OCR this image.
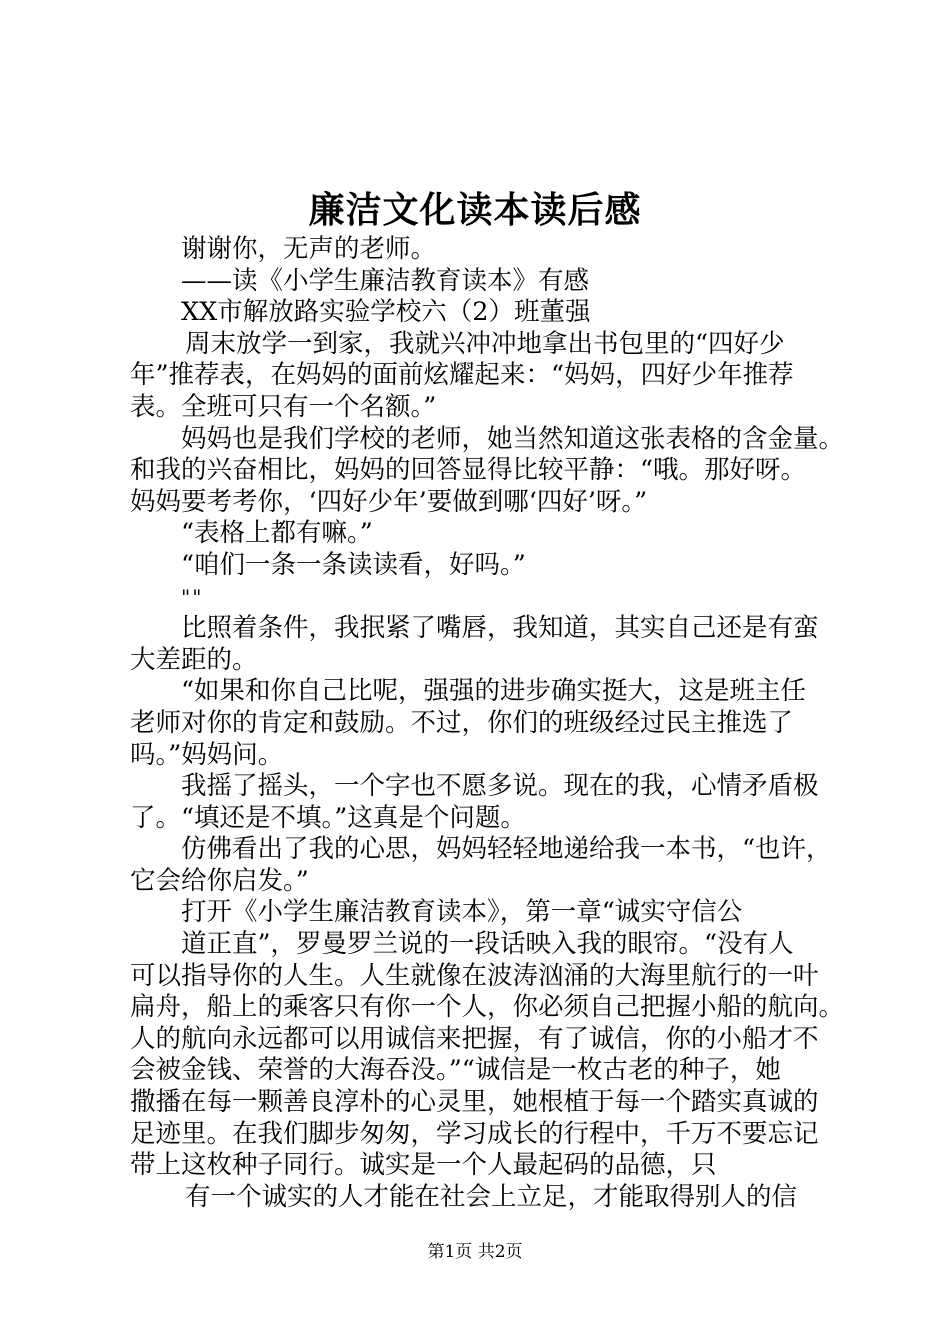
廉洁文化读本读后感
谢谢你，无声的老师。
——读《小学生廉洁教育读本》有感
XX市解放路实验学校六（2）班董强
周末放学一到家，我就兴冲冲地拿出书包里的“四好少
年”推荐表，在妈妈的面前炫耀起来：“妈妈，四好少年推荐
表。全班可只有一个名额。”
妈妈也是我们学校的老师，她当然知道这张表格的含金量。
和我的兴奋相比，妈妈的回答显得比较平静：“哦。那好呀。
妈妈要考考你，‘四好少年’要做到哪‘四好’呀。”
“表格上都有嘛。”
“咱们一条一条读读看，好吗。”
""
比照着条件，我抿紧了嘴唇，我知道，其实自己还是有蛮
大差距的。
“如果和你自己比呢，强强的进步确实挺大，这是班主任
老师对你的肯定和鼓励。不过，你们的班级经过民主推选了
吗。”妈妈问。
我摇了摇头，一个字也不愿多说。现在的我，心情矛盾极
了。“填还是不填。”这真是个问题。
仿佛看出了我的心思，妈妈轻轻地递给我一本书，“也许，
它会给你启发。”
打开《小学生廉洁教育读本》，第一章“诚实守信公
道正直”，罗曼罗兰说的一段话映入我的眼帘。“没有人
可以指导你的人生。人生就像在波涛汹涌的大海里航行的一叶
扁舟，船上的乘客只有你一个人，你必须自己把握小船的航向。
人的航向永远都可以用诚信来把握，有了诚信，你的小船才不
会被金钱、荣誉的大海吞没。”“诚信是一枚古老的种子，她
撒播在每一颗善良淳朴的心灵里，她根植于每一个踏实真诚的
足迹里。在我们脚步匆匆，学习成长的行程中，千万不要忘记
带上这枚种子同行。诚实是一个人最起码的品德，只
有一个诚实的人才能在社会上立足，才能取得别人的信
第1页 共2页
